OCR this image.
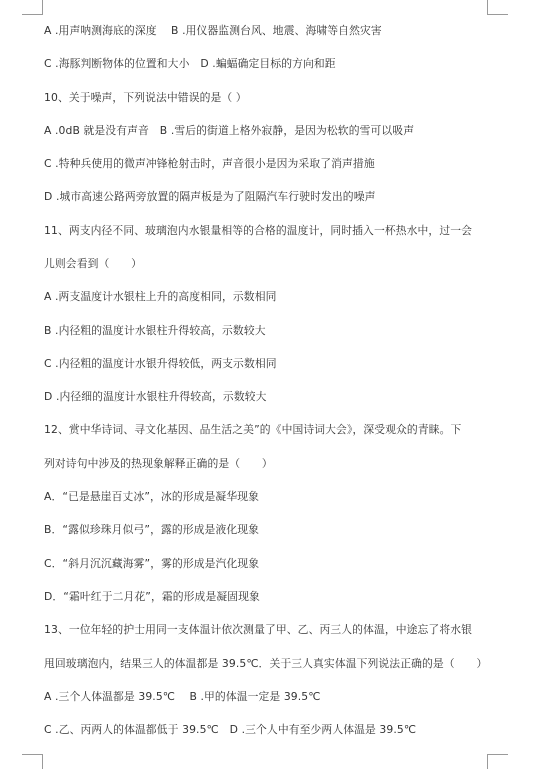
A .用声呐测海底的深度　 B .用仪器监测台风、地震、海啸等自然灾害
C .海豚判断物体的位置和大小　D .蝙蝠确定目标的方向和距
10、关于噪声，下列说法中错误的是（ ）
A .0dB 就是没有声音　B .雪后的街道上格外寂静，是因为松软的雪可以吸声
C .特种兵使用的微声冲锋枪射击时，声音很小是因为采取了消声措施
D .城市高速公路两旁放置的隔声板是为了阻隔汽车行驶时发出的噪声
11、两支内径不同、玻璃泡内水银量相等的合格的温度计，同时插入一杯热水中，过一会
儿则会看到（　　）
A .两支温度计水银柱上升的高度相同，示数相同
B .内径粗的温度计水银柱升得较高，示数较大
C .内径粗的温度计水银升得较低，两支示数相同
D .内径细的温度计水银柱升得较高，示数较大
12、赏中华诗词、寻文化基因、品生活之美”的《中国诗词大会》，深受观众的青睐。下
列对诗句中涉及的热现象解释正确的是（　　）
A．“已是悬崖百丈冰”，冰的形成是凝华现象
B．“露似珍珠月似弓”，露的形成是液化现象
C．“斜月沉沉藏海雾”，雾的形成是汽化现象
D．“霜叶红于二月花”，霜的形成是凝固现象
13、一位年轻的护士用同一支体温计依次测量了甲、乙、丙三人的体温，中途忘了将水银
甩回玻璃泡内，结果三人的体温都是 39.5℃．关于三人真实体温下列说法正确的是（　　）
A .三个人体温都是 39.5℃　 B .甲的体温一定是 39.5℃
C .乙、丙两人的体温都低于 39.5℃　D .三个人中有至少两人体温是 39.5℃
